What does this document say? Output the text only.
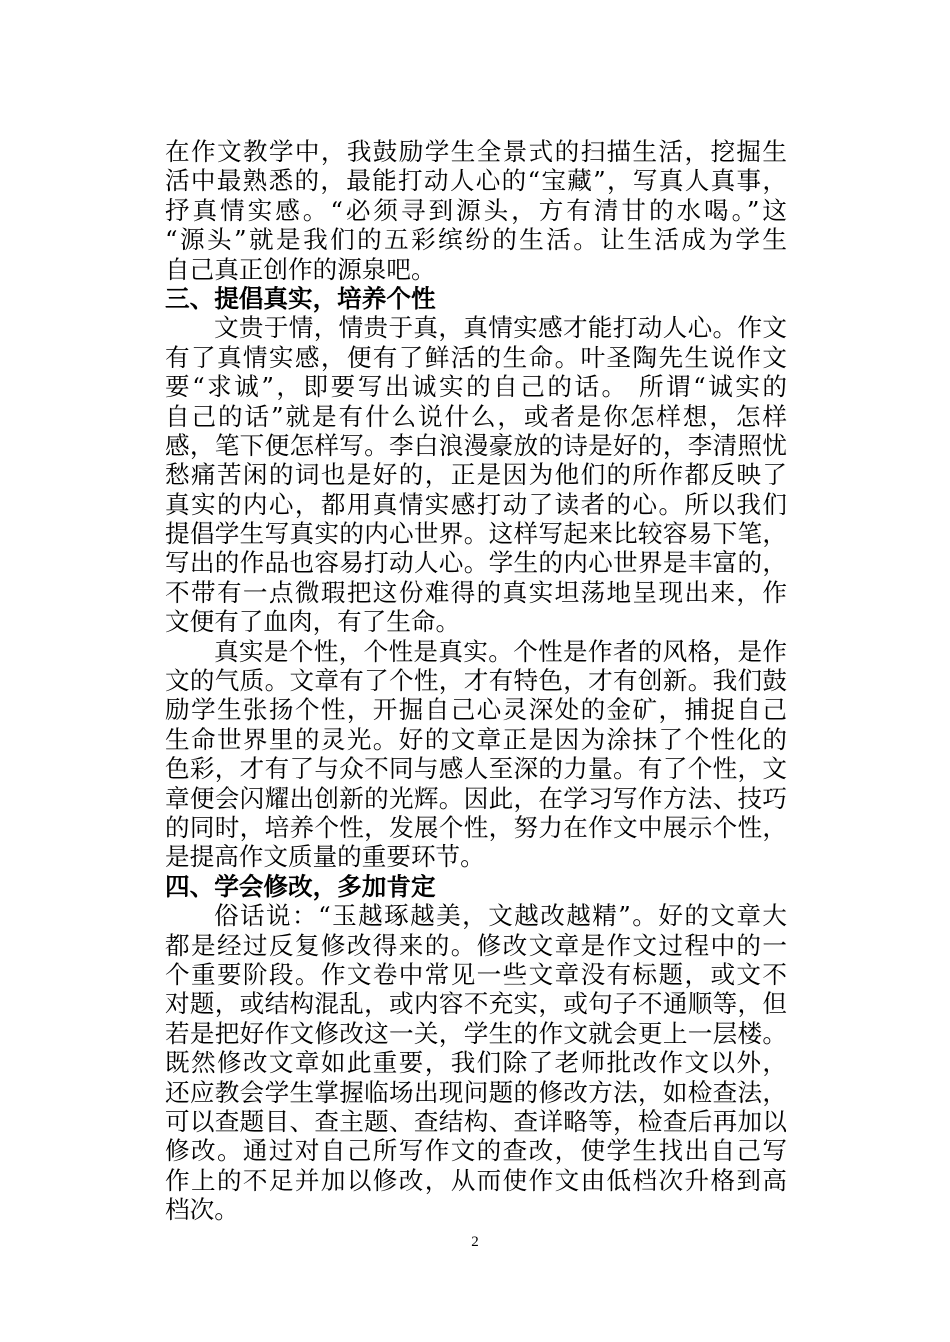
在作文教学中，我鼓励学生全景式的扫描生活，挖掘生
活中最熟悉的，最能打动人心的“宝藏”，写真人真事，
抒真情实感。“必须寻到源头，方有清甘的水喝。”这
“源头”就是我们的五彩缤纷的生活。让生活成为学生
自己真正创作的源泉吧。
三、提倡真实，培养个性
文贵于情，情贵于真，真情实感才能打动人心。作文
有了真情实感，便有了鲜活的生命。叶圣陶先生说作文
要“求诚”，即要写出诚实的自己的话。 所谓“诚实的
自己的话”就是有什么说什么，或者是你怎样想，怎样
感，笔下便怎样写。李白浪漫豪放的诗是好的，李清照忧
愁痛苦闲的词也是好的，正是因为他们的所作都反映了
真实的内心，都用真情实感打动了读者的心。所以我们
提倡学生写真实的内心世界。这样写起来比较容易下笔，
写出的作品也容易打动人心。学生的内心世界是丰富的，
不带有一点微瑕把这份难得的真实坦荡地呈现出来，作
文便有了血肉，有了生命。
真实是个性，个性是真实。个性是作者的风格，是作
文的气质。文章有了个性，才有特色，才有创新。我们鼓
励学生张扬个性，开掘自己心灵深处的金矿，捕捉自己
生命世界里的灵光。好的文章正是因为涂抹了个性化的
色彩，才有了与众不同与感人至深的力量。有了个性，文
章便会闪耀出创新的光辉。因此，在学习写作方法、技巧
的同时，培养个性，发展个性，努力在作文中展示个性，
是提高作文质量的重要环节。
四、学会修改，多加肯定
俗话说：“玉越琢越美，文越改越精”。好的文章大
都是经过反复修改得来的。修改文章是作文过程中的一
个重要阶段。作文卷中常见一些文章没有标题，或文不
对题，或结构混乱，或内容不充实，或句子不通顺等，但
若是把好作文修改这一关，学生的作文就会更上一层楼。
既然修改文章如此重要，我们除了老师批改作文以外，
还应教会学生掌握临场出现问题的修改方法，如检查法，
可以查题目、查主题、查结构、查详略等，检查后再加以
修改。通过对自己所写作文的查改，使学生找出自己写
作上的不足并加以修改，从而使作文由低档次升格到高
档次。
2
